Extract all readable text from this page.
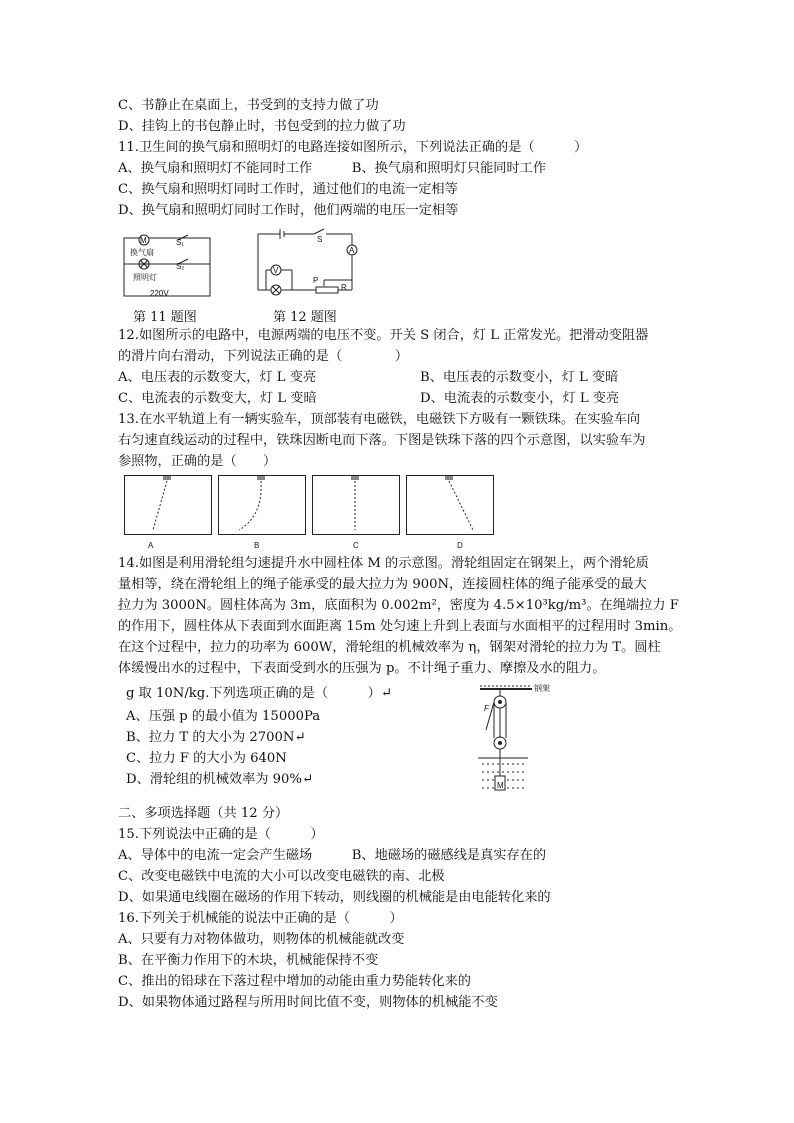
C、书静止在桌面上，书受到的支持力做了功
D、挂钩上的书包静止时，书包受到的拉力做了功
11.卫生间的换气扇和照明灯的电路连接如图所示，下列说法正确的是（　　　）
A、换气扇和照明灯不能同时工作　　　B、换气扇和照明灯只能同时工作
C、换气扇和照明灯同时工作时，通过他们的电流一定相等
D、换气扇和照明灯同时工作时，他们两端的电压一定相等
M
换气扇
S₁
照明灯
S₂
220V
S
A
V
P
R
第 11 题图	第 12 题图
12.如图所示的电路中，电源两端的电压不变。开关 S 闭合，灯 L 正常发光。把滑动变阻器
的滑片向右滑动，下列说法正确的是（　　　　）
A、电压表的示数变大，灯 L 变亮	B、电压表的示数变小，灯 L 变暗
C、电流表的示数变大，灯 L 变暗	D、电流表的示数变小，灯 L 变亮
13.在水平轨道上有一辆实验车，顶部装有电磁铁，电磁铁下方吸有一颗铁珠。在实验车向
右匀速直线运动的过程中，铁珠因断电而下落。下图是铁珠下落的四个示意图，以实验车为
参照物，正确的是（　　）
A	B	C	D
14.如图是利用滑轮组匀速提升水中圆柱体 M 的示意图。滑轮组固定在钢架上，两个滑轮质
量相等，绕在滑轮组上的绳子能承受的最大拉力为 900N，连接圆柱体的绳子能承受的最大
拉力为 3000N。圆柱体高为 3m，底面积为 0.002m²，密度为 4.5×10³kg/m³。在绳端拉力 F
的作用下，圆柱体从下表面到水面距离 15m 处匀速上升到上表面与水面相平的过程用时 3min。
在这个过程中，拉力的功率为 600W，滑轮组的机械效率为 η，钢架对滑轮的拉力为 T。圆柱
体缓慢出水的过程中，下表面受到水的压强为 p。不计绳子重力、摩擦及水的阻力。
g 取 10N/kg.下列选项正确的是（　　　）↵
A、压强 p 的最小值为 15000Pa
B、拉力 T 的大小为 2700N↵
C、拉力 F 的大小为 640N
D、滑轮组的机械效率为 90%↵
钢架
F
M
二、多项选择题（共 12 分）
15.下列说法中正确的是（　　　）
A、导体中的电流一定会产生磁场　　　B、地磁场的磁感线是真实存在的
C、改变电磁铁中电流的大小可以改变电磁铁的南、北极
D、如果通电线圈在磁场的作用下转动，则线圈的机械能是由电能转化来的
16.下列关于机械能的说法中正确的是（　　　）
A、只要有力对物体做功，则物体的机械能就改变
B、在平衡力作用下的木块，机械能保持不变
C、推出的铅球在下落过程中增加的动能由重力势能转化来的
D、如果物体通过路程与所用时间比值不变，则物体的机械能不变
